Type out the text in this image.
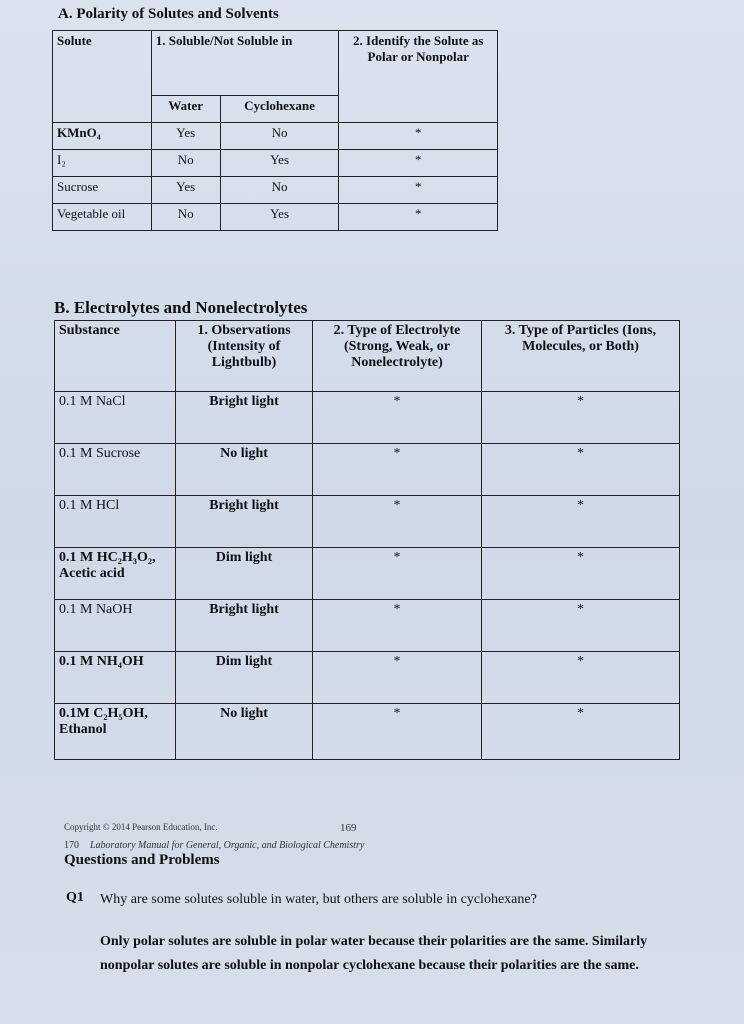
A. Polarity of Solutes and Solvents
Solute	1. Soluble/Not Soluble in		2. Identify the Solute as Polar or Nonpolar
	Water	Cyclohexane	
KMnO₄	Yes	No	*
I₂	No	Yes	*
Sucrose	Yes	No	*
Vegetable oil	No	Yes	*
B. Electrolytes and Nonelectrolytes
Substance	1. Observations (Intensity of Lightbulb)	2. Type of Electrolyte (Strong, Weak, or Nonelectrolyte)	3. Type of Particles (Ions, Molecules, or Both)
0.1 M NaCl	Bright light	*	*
0.1 M Sucrose	No light	*	*
0.1 M HCl	Bright light	*	*
0.1 M HC₂H₃O₂, Acetic acid	Dim light	*	*
0.1 M NaOH	Bright light	*	*
0.1 M NH₄OH	Dim light	*	*
0.1M C₂H₅OH, Ethanol	No light	*	*
Copyright © 2014 Pearson Education, Inc.	169
170 Laboratory Manual for General, Organic, and Biological Chemistry
Questions and Problems
Q1 Why are some solutes soluble in water, but others are soluble in cyclohexane?
Only polar solutes are soluble in polar water because their polarities are the same. Similarly nonpolar solutes are soluble in nonpolar cyclohexane because their polarities are the same.
